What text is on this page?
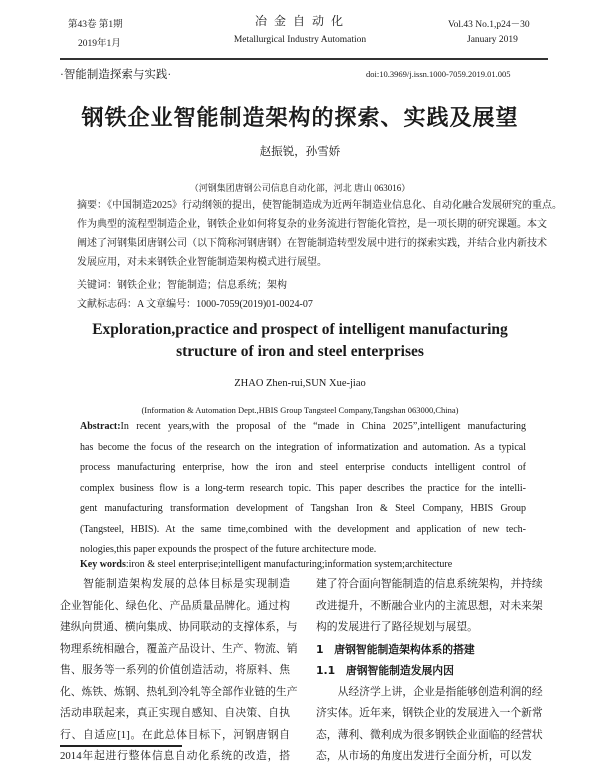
第43卷 第1期
2019年1月
冶 金 自 动 化
Metallurgical Industry Automation
Vol.43 No.1,p24－30
January 2019
·智能制造探索与实践·	doi:10.3969/j.issn.1000-7059.2019.01.005
钢铁企业智能制造架构的探索、实践及展望
赵振锐，孙雪娇
（河钢集团唐钢公司信息自动化部，河北 唐山 063016）
摘要：《中国制造2025》行动纲领的提出，使智能制造成为近两年制造业信息化、自动化融合发展研究的重点。
作为典型的流程型制造企业，钢铁企业如何将复杂的业务流进行智能化管控，是一项长期的研究课题。本文
阐述了河钢集团唐钢公司（以下简称河钢唐钢）在智能制造转型发展中进行的探索实践，并结合业内新技术
发展应用，对未来钢铁企业智能制造架构模式进行展望。
关键词：钢铁企业；智能制造；信息系统；架构
文献标志码：A 文章编号：1000-7059(2019)01-0024-07
Exploration,practice and prospect of intelligent manufacturing
structure of iron and steel enterprises
ZHAO Zhen-rui,SUN Xue-jiao
(Information & Automation Dept.,HBIS Group Tangsteel Company,Tangshan 063000,China)
Abstract:In recent years,with the proposal of the “made in China 2025”,intelligent manufacturing
has become the focus of the research on the integration of informatization and automation. As a typical
process manufacturing enterprise, how the iron and steel enterprise conducts intelligent control of
complex business flow is a long-term research topic. This paper describes the practice for the intelli-
gent manufacturing transformation development of Tangshan Iron & Steel Company, HBIS Group
(Tangsteel, HBIS). At the same time,combined with the development and application of new tech-
nologies,this paper expounds the prospect of the future architecture mode.
Key words:iron & steel enterprise;intelligent manufacturing;information system;architecture
　　智能制造架构发展的总体目标是实现制造
企业智能化、绿色化、产品质量品牌化。通过构
建纵向贯通、横向集成、协同联动的支撑体系，与
物理系统相融合，覆盖产品设计、生产、物流、销
售、服务等一系列的价值创造活动，将原料、焦
化、炼铁、炼钢、热轧到冷轧等全部作业链的生产
活动串联起来，真正实现自感知、自决策、自执
行、自适应[1]。在此总体目标下，河钢唐钢自
2014年起进行整体信息自动化系统的改造，搭
建了符合面向智能制造的信息系统架构，并持续
改进提升，不断融合业内的主流思想，对未来架
构的发展进行了路径规划与展望。
1　唐钢智能制造架构体系的搭建
1.1　唐钢智能制造发展内因
　　从经济学上讲，企业是指能够创造利润的经
济实体。近年来，钢铁企业的发展进入一个新常
态，薄利、微利成为很多钢铁企业面临的经营状
态，从市场的角度出发进行全面分析，可以发
